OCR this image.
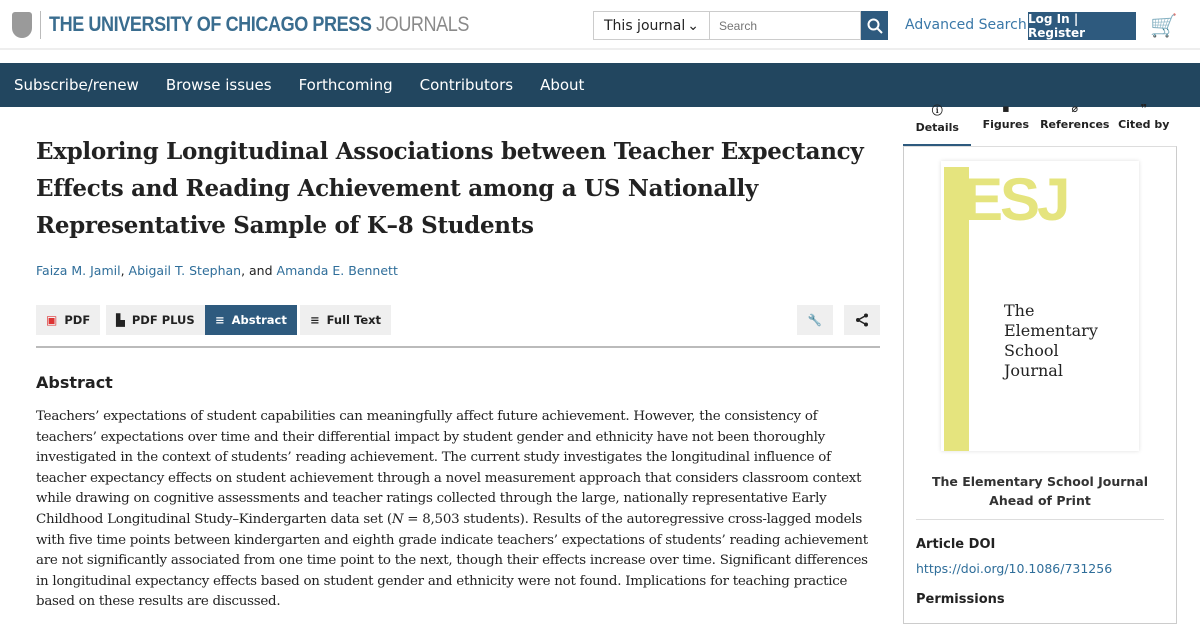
THE UNIVERSITY OF CHICAGO PRESS JOURNALS	This journal ⌄
Search	Advanced Search Log In | Register	🛒
Subscribe/renew Browse issues Forthcoming Contributors About
Exploring Longitudinal Associations between Teacher Expectancy Effects and Reading Achievement among a US Nationally Representative Sample of K–8 Students
Faiza M. Jamil, Abigail T. Stephan, and Amanda E. Bennett
▣ PDF ▙ PDF PLUS ≡ Abstract ≡ Full Text	🔧
Abstract

Teachers’ expectations of student capabilities can meaningfully affect future achievement. However, the consistency of teachers’ expectations over time and their differential impact by student gender and ethnicity have not been thoroughly investigated in the context of students’ reading achievement. The current study investigates the longitudinal influence of teacher expectancy effects on student achievement through a novel measurement approach that considers classroom context while drawing on cognitive assessments and teacher ratings collected through the large, nationally representative Early Childhood Longitudinal Study–Kindergarten data set (N = 8,503 students). Results of the autoregressive cross-lagged models with five time points between kindergarten and eighth grade indicate teachers’ expectations of students’ reading achievement are not significantly associated from one time point to the next, though their effects increase over time. Significant differences in longitudinal expectancy effects based on student gender and ethnicity were not found. Implications for teaching practice based on these results are discussed.

ⓘ
Details
▪
Figures
⌀
References
❞
Cited by
ESJ
The
Elementary
School
Journal
The Elementary School Journal
Ahead of Print
Article DOI
https://doi.org/10.1086/731256
Permissions
